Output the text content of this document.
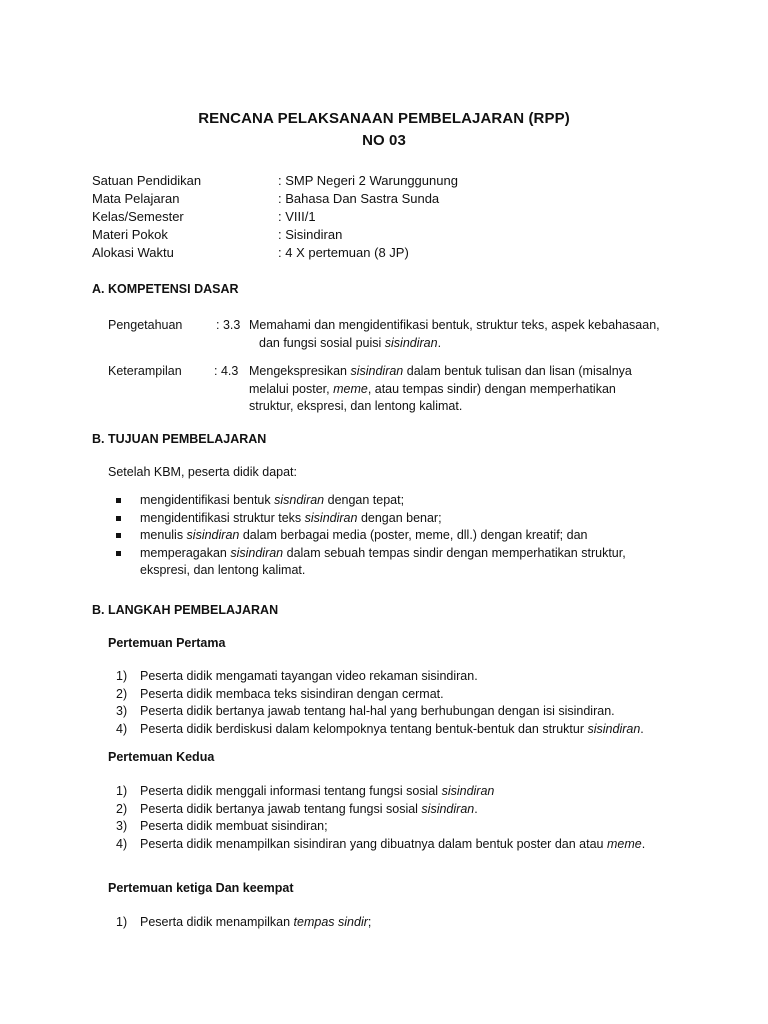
RENCANA PELAKSANAAN PEMBELAJARAN (RPP)
NO 03
Satuan Pendidikan	: SMP Negeri 2 Warunggunung
Mata Pelajaran	: Bahasa Dan Sastra Sunda
Kelas/Semester	: VIII/1
Materi Pokok	: Sisindiran
Alokasi Waktu	: 4 X pertemuan (8 JP)
A. KOMPETENSI DASAR
Pengetahuan	: 3.3 Memahami dan mengidentifikasi bentuk, struktur teks, aspek kebahasaan,
dan fungsi sosial puisi sisindiran.
Keterampilan	: 4.3 Mengekspresikan sisindiran dalam bentuk tulisan dan lisan (misalnya
melalui poster, meme, atau tempas sindir) dengan memperhatikan
struktur, ekspresi, dan lentong kalimat.
B. TUJUAN PEMBELAJARAN
Setelah KBM, peserta didik dapat:
mengidentifikasi bentuk sisndiran dengan tepat;
mengidentifikasi struktur teks sisindiran dengan benar;
menulis sisindiran dalam berbagai media (poster, meme, dll.) dengan kreatif; dan
memperagakan sisindiran dalam sebuah tempas sindir dengan memperhatikan struktur,
ekspresi, dan lentong kalimat.
B. LANGKAH PEMBELAJARAN
Pertemuan Pertama
1)	Peserta didik mengamati tayangan video rekaman sisindiran.
2)	Peserta didik membaca teks sisindiran dengan cermat.
3)	Peserta didik bertanya jawab tentang hal-hal yang berhubungan dengan isi sisindiran.
4)	Peserta didik berdiskusi dalam kelompoknya tentang bentuk-bentuk dan struktur sisindiran.
Pertemuan Kedua
1)	Peserta didik menggali informasi tentang fungsi sosial sisindiran
2)	Peserta didik bertanya jawab tentang fungsi sosial sisindiran.
3)	Peserta didik membuat sisindiran;
4)	Peserta didik menampilkan sisindiran yang dibuatnya dalam bentuk poster dan atau meme.
Pertemuan ketiga Dan keempat
1)	Peserta didik menampilkan tempas sindir;
